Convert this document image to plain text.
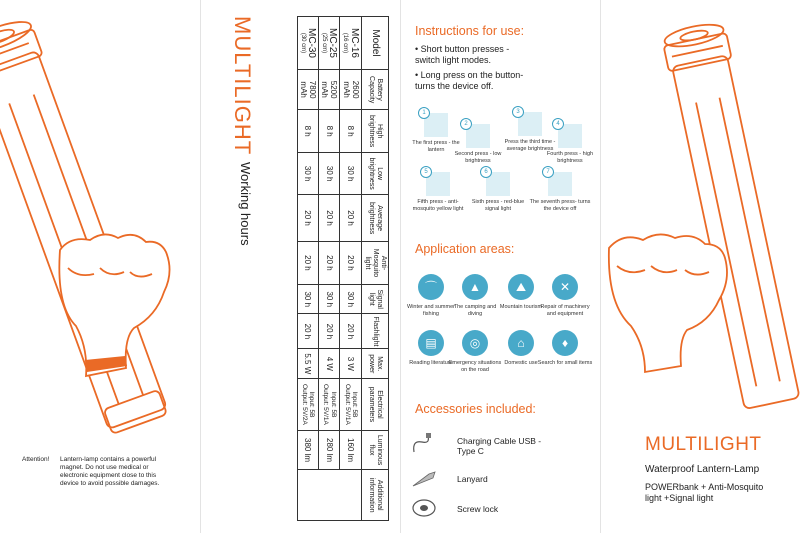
Attention! Lantern-lamp contains a powerful
magnet. Do not use medical or
electronic equipment close to this
device to avoid possible damages.
Model	Battery Capacity	High brightness	Low brightness	Average brightness	Anti-Mosquito light	Signal light	Flashlight	Max. power	Electrical parameters	Luminous flux	Additional information

MC-16
(16 cm)	2600 mAh	8 h	30 h	20 h	20 h	30 h	20 h	3 W	Input: 5B Output: 5V/1A	160 lm	

MC-25
(25 cm)	5200 mAh	8 h	30 h	20 h	20 h	30 h	20 h	4 W	Input: 5B Output: 5V/1A	280 lm	

MC-30
(30 cm)	7800 mAh	8 h	30 h	20 h	20 h	30 h	20 h	5.5 W	Input: 5B Output: 5V/2A	380 lm	
MULTILIGHT
Working hours
Instructions for use:
• Short button presses - switch light modes.
• Long press on the button- turns the device off.
1
The first press - the lantern
2
Second press - low brightness
3
Press the third time - average brightness
4
Fourth press - high brightness
5
Fifth press - anti-mosquito yellow light
6
Sixth press - red-blue signal light
7
The seventh press- turns the device off
Application areas:
⌒
Winter and summer fishing
▲
The camping and diving
⛰
Mountain tourism
✕
Repair of machinery and equipment
▤
Reading literature
◎
Emergency situations on the road
⌂
Domestic use
♦
Search for small items
Accessories included:
Charging Cable USB - Type C
Lanyard
Screw lock
MULTILIGHT
Waterproof Lantern-Lamp
POWERbank + Anti-Mosquito
light +Signal light
